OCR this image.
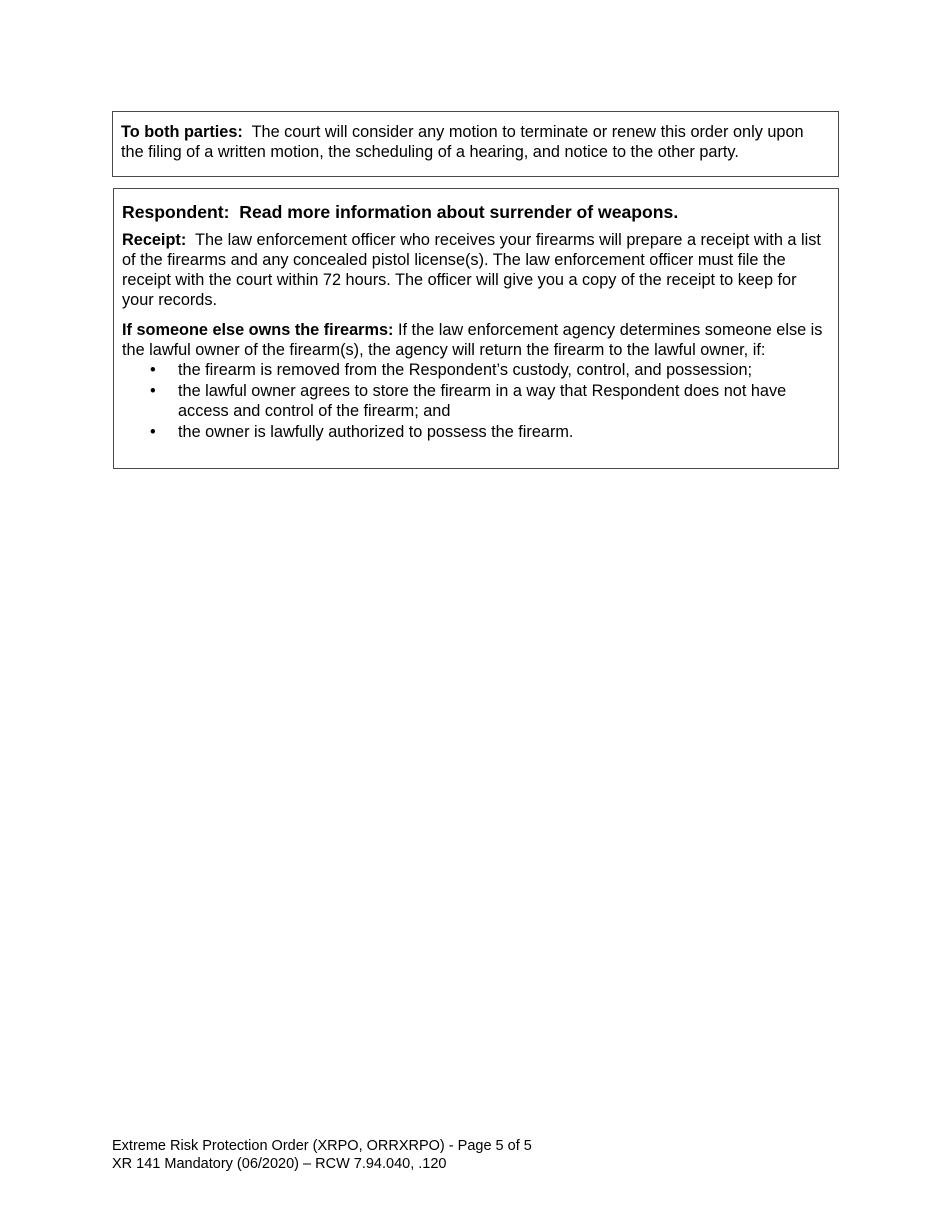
To both parties:  The court will consider any motion to terminate or renew this order only upon the filing of a written motion, the scheduling of a hearing, and notice to the other party.

Respondent:  Read more information about surrender of weapons.

Receipt:  The law enforcement officer who receives your firearms will prepare a receipt with a list of the firearms and any concealed pistol license(s). The law enforcement officer must file the receipt with the court within 72 hours. The officer will give you a copy of the receipt to keep for your records.

If someone else owns the firearms: If the law enforcement agency determines someone else is the lawful owner of the firearm(s), the agency will return the firearm to the lawful owner, if:

• the firearm is removed from the Respondent’s custody, control, and possession;
• the lawful owner agrees to store the firearm in a way that Respondent does not have access and control of the firearm; and
• the owner is lawfully authorized to possess the firearm.
Extreme Risk Protection Order (XRPO, ORRXRPO) - Page 5 of 5
XR 141 Mandatory (06/2020) – RCW 7.94.040, .120
